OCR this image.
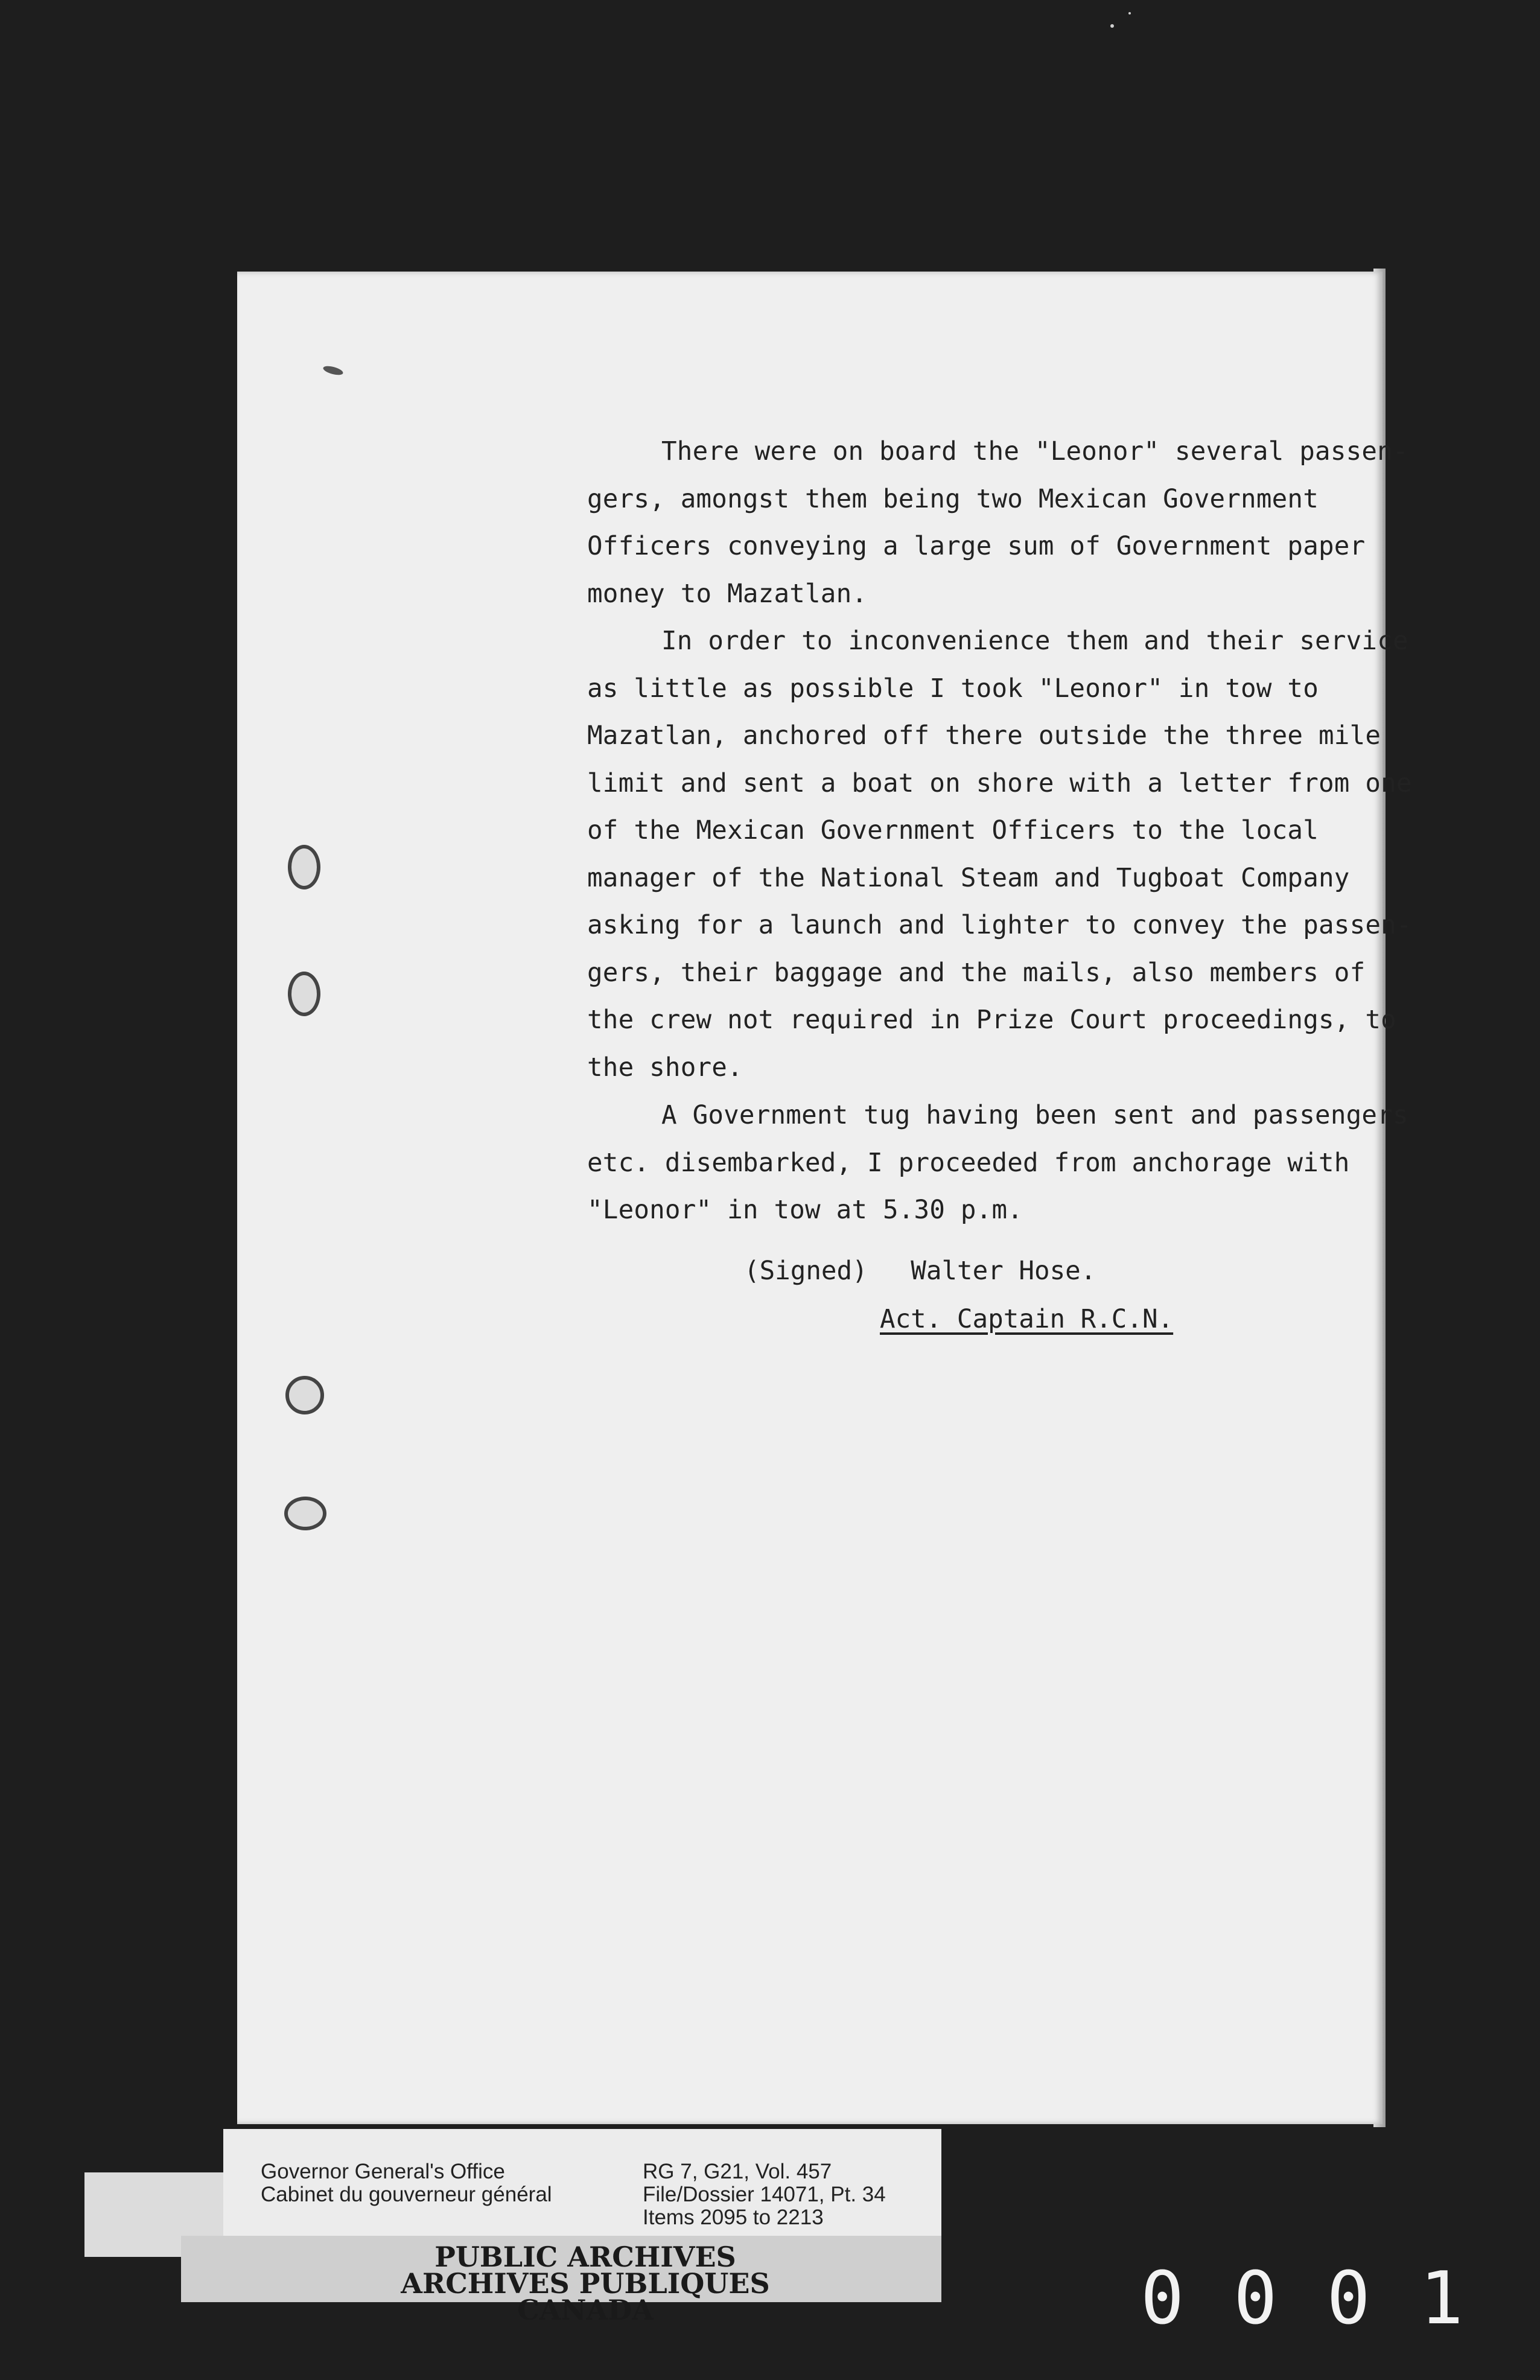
There were on board the "Leonor" several passen-
gers, amongst them being two Mexican Government
Officers conveying a large sum of Government paper
money to Mazatlan.

In order to inconvenience them and their service
as little as possible I took "Leonor" in tow to
Mazatlan, anchored off there outside the three mile
limit and sent a boat on shore with a letter from one
of the Mexican Government Officers to the local
manager of the National Steam and Tugboat Company
asking for a launch and lighter to convey the passen-
gers, their baggage and the mails, also members of
the crew not required in Prize Court proceedings, to
the shore.

A Government tug having been sent and passengers
etc. disembarked, I proceeded from anchorage with
"Leonor" in tow at 5.30 p.m.

(Signed) Walter Hose.
Act. Captain R.C.N.
Governor General's Office
Cabinet du gouverneur général
RG 7, G21, Vol. 457
File/Dossier 14071, Pt. 34
Items 2095 to 2213
PUBLIC ARCHIVES
ARCHIVES PUBLIQUES
CANADA	0001
